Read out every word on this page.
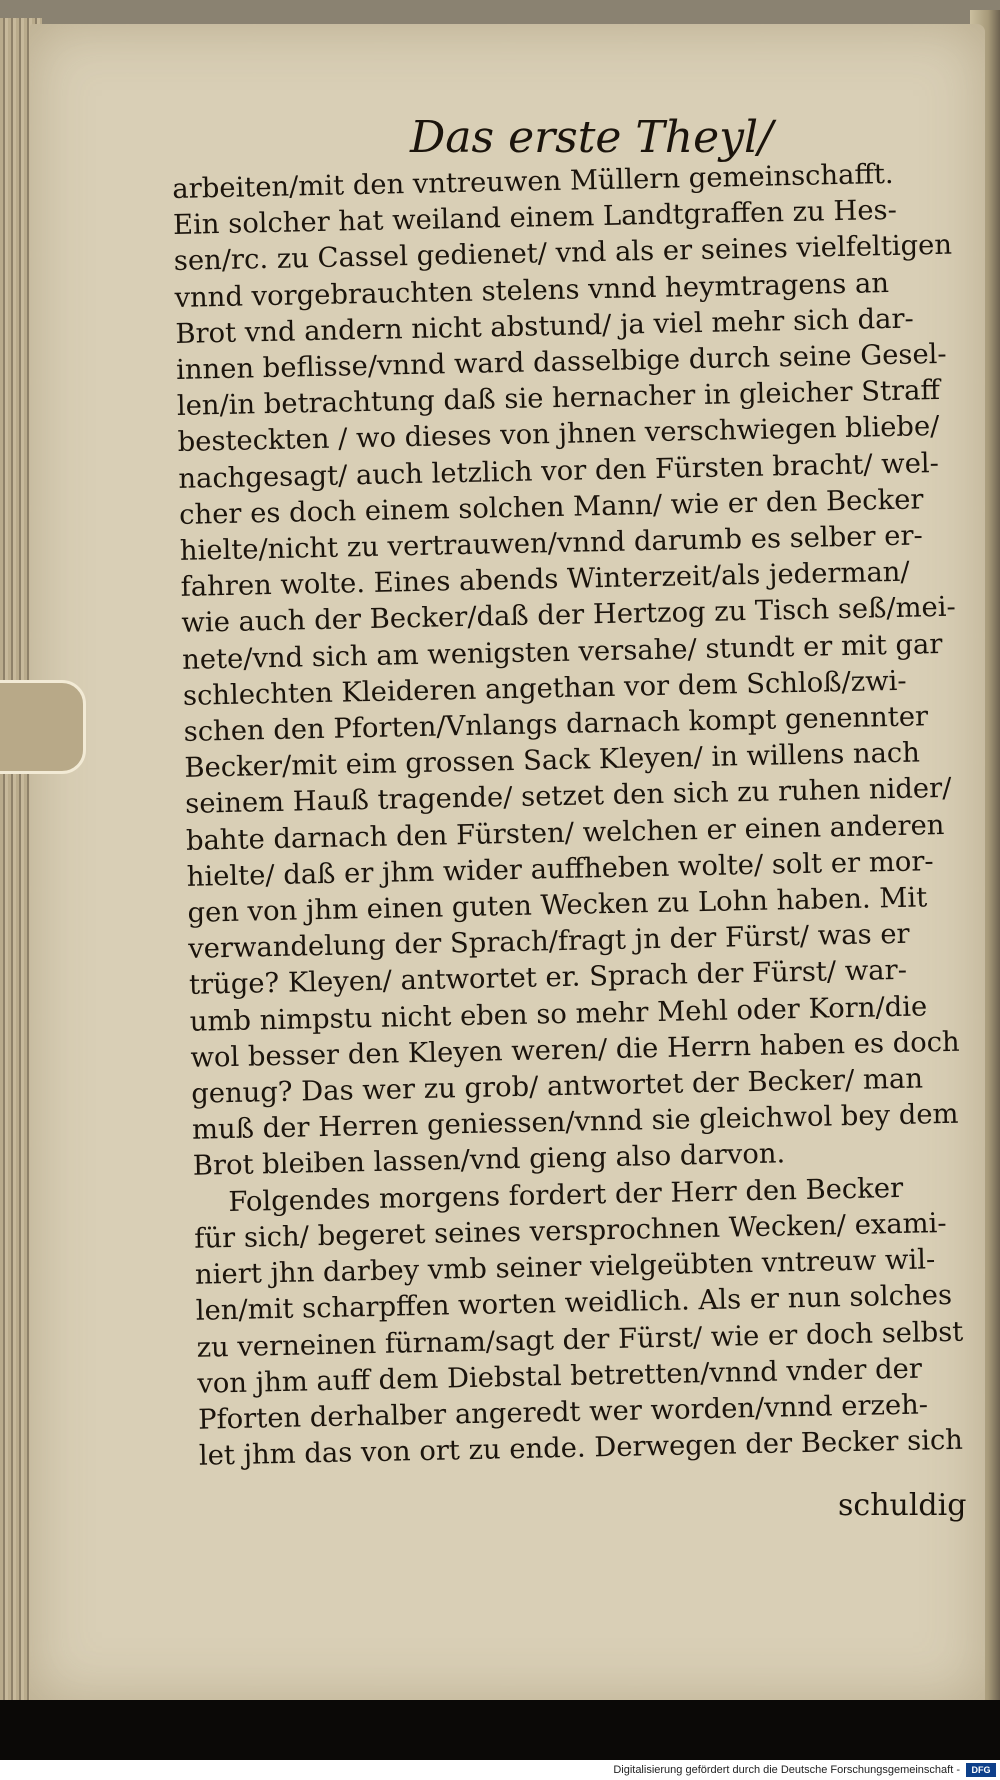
Das erste Theyl/
arbeiten/mit den vntreuwen Müllern gemeinschafft.
Ein solcher hat weiland einem Landtgraffen zu Hes-
sen/rc. zu Cassel gedienet/ vnd als er seines vielfeltigen
vnnd vorgebrauchten stelens vnnd heymtragens an
Brot vnd andern nicht abstund/ ja viel mehr sich dar-
innen beflisse/vnnd ward dasselbige durch seine Gesel-
len/in betrachtung daß sie hernacher in gleicher Straff
besteckten / wo dieses von jhnen verschwiegen bliebe/
nachgesagt/ auch letzlich vor den Fürsten bracht/ wel-
cher es doch einem solchen Mann/ wie er den Becker
hielte/nicht zu vertrauwen/vnnd darumb es selber er-
fahren wolte. Eines abends Winterzeit/als jederman/
wie auch der Becker/daß der Hertzog zu Tisch seß/mei-
nete/vnd sich am wenigsten versahe/ stundt er mit gar
schlechten Kleideren angethan vor dem Schloß/zwi-
schen den Pforten/Vnlangs darnach kompt genennter
Becker/mit eim grossen Sack Kleyen/ in willens nach
seinem Hauß tragende/ setzet den sich zu ruhen nider/
bahte darnach den Fürsten/ welchen er einen anderen
hielte/ daß er jhm wider auffheben wolte/ solt er mor-
gen von jhm einen guten Wecken zu Lohn haben. Mit
verwandelung der Sprach/fragt jn der Fürst/ was er
trüge? Kleyen/ antwortet er. Sprach der Fürst/ war-
umb nimpstu nicht eben so mehr Mehl oder Korn/die
wol besser den Kleyen weren/ die Herrn haben es doch
genug? Das wer zu grob/ antwortet der Becker/ man
muß der Herren geniessen/vnnd sie gleichwol bey dem
Brot bleiben lassen/vnd gieng also darvon.
Folgendes morgens fordert der Herr den Becker
für sich/ begeret seines versprochnen Wecken/ exami-
niert jhn darbey vmb seiner vielgeübten vntreuw wil-
len/mit scharpffen worten weidlich. Als er nun solches
zu verneinen fürnam/sagt der Fürst/ wie er doch selbst
von jhm auff dem Diebstal betretten/vnnd vnder der
Pforten derhalber angeredt wer worden/vnnd erzeh-
let jhm das von ort zu ende. Derwegen der Becker sich
schuldig
Digitalisierung gefördert durch die Deutsche Forschungsgemeinschaft -	DFG
